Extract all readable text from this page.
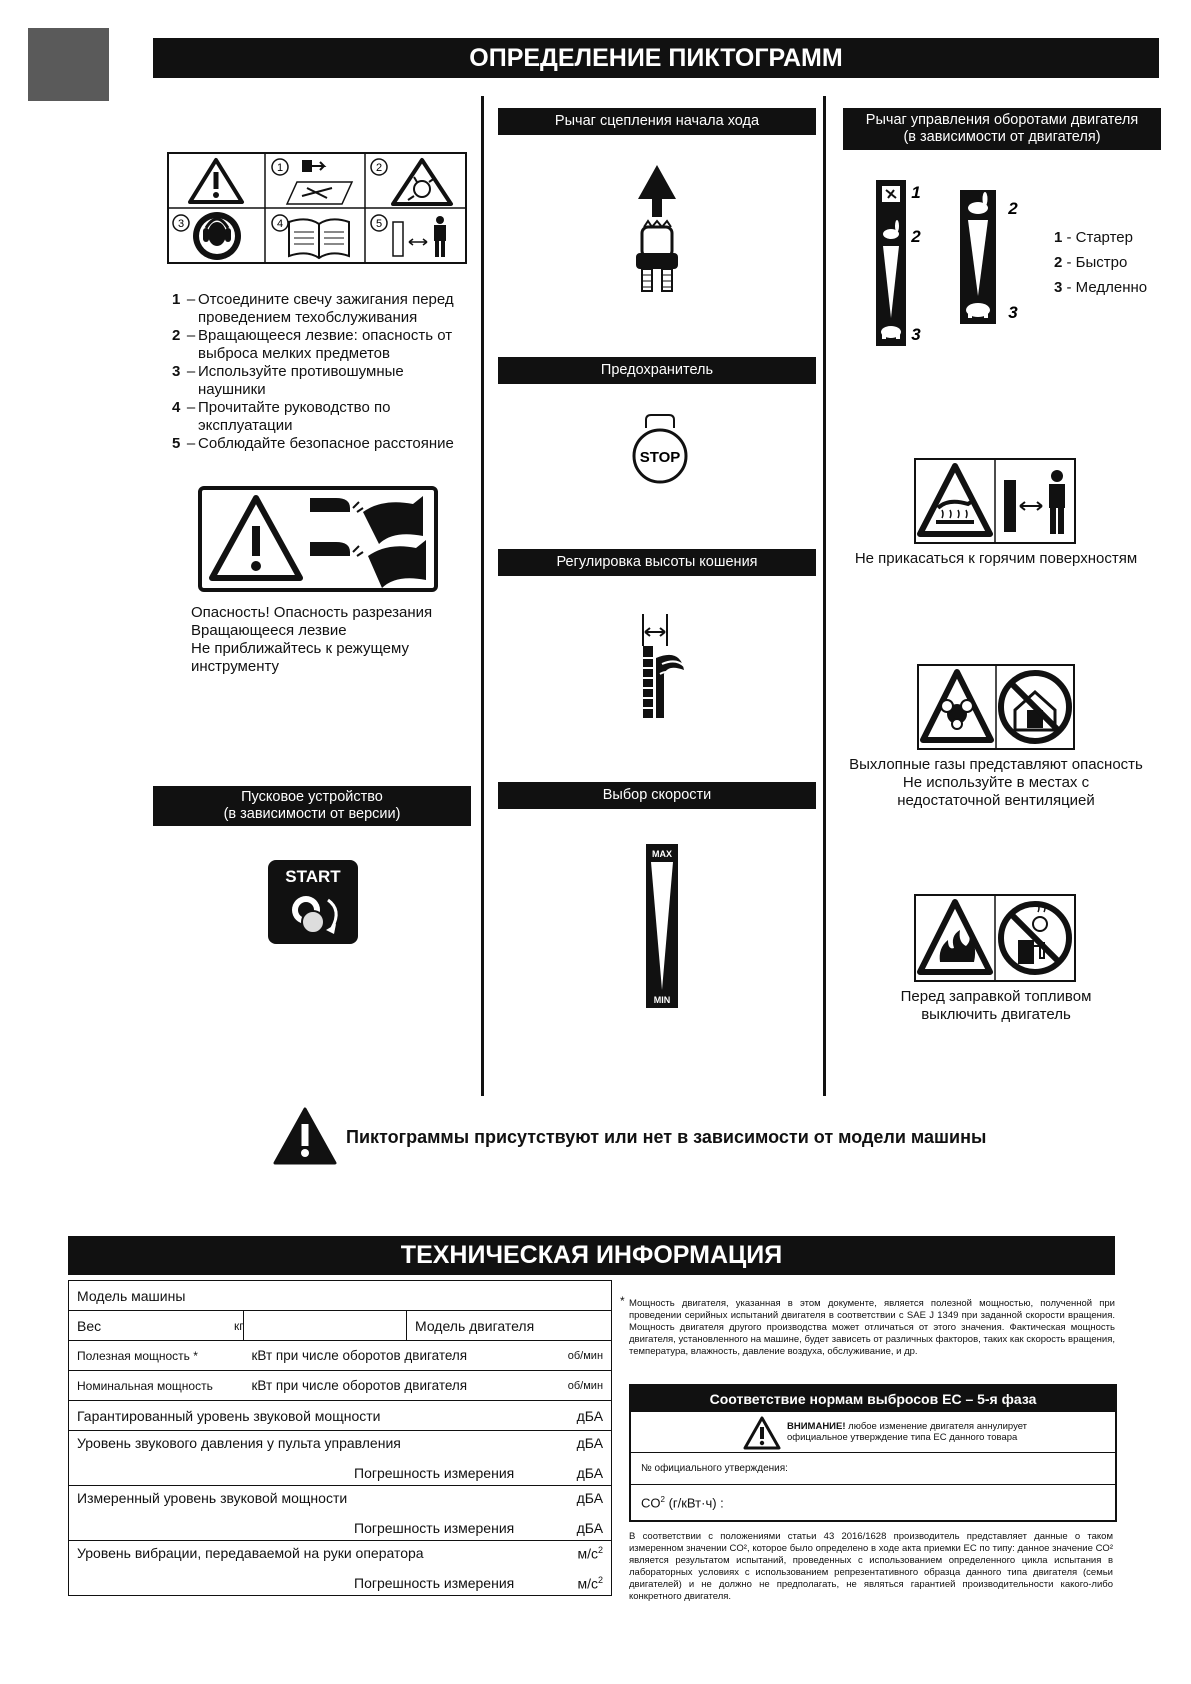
ОПРЕДЕЛЕНИЕ ПИКТОГРАММ
1	2
3	4	5
1 – Отсоедините свечу зажигания перед
проведением техобслуживания
2 – Вращающееся лезвие: опасность от
выброса мелких предметов
3 – Используйте противошумные
наушники
4 – Прочитайте руководство по
эксплуатации
5 – Соблюдайте безопасное расстояние
Опасность! Опасность разрезания
Вращающееся лезвие
Не приближайтесь к режущему
инструменту
Пусковое устройство
(в зависимости от версии)
START
Рычаг сцепления начала хода
Предохранитель
STOP
Регулировка высоты кошения
Выбор скорости
MAX
MIN
Рычаг управления оборотами двигателя
(в зависимости от двигателя)
1
2
3
2
3
1 - Стартер
2 - Быстро
3 - Медленно
Не прикасаться к горячим поверхностям
Выхлопные газы представляют опасность
Не используйте в местах с
недостаточной вентиляцией
Перед заправкой топливом
выключить двигатель
Пиктограммы присутствуют или нет в зависимости от модели машины
ТЕХНИЧЕСКАЯ ИНФОРМАЦИЯ
Модель машины			
Вес кг		Модель двигателя	
Полезная мощность *	кВт при числе оборотов двигателя		об/мин
Номинальная мощность	кВт при числе оборотов двигателя		об/мин
Гарантированный уровень звуковой мощности			дБА

Уровень звукового давления у пульта управления дБА
Погрешность измерения дБА			

Измеренный уровень звуковой мощности дБА
Погрешность измерения дБА			

Уровень вибрации, передаваемой на руки оператора $м/с^2$
Погрешность измерения $м/с^2$
* Мощность двигателя, указанная в этом документе, является полезной мощностью, полученной при проведении серийных испытаний двигателя в соответствии с SAE J 1349 при заданной скорости вращения. Мощность двигателя другого производства может отличаться от этого значения. Фактическая мощность двигателя, установленного на машине, будет зависеть от различных факторов, таких как скорость вращения, температура, влажность, давление воздуха, обслуживание, и др.
Соответствие нормам выбросов ЕС – 5-я фаза
ВНИМАНИЕ! любое изменение двигателя аннулирует
официальное утверждение типа ЕС данного товара
№ официального утверждения:
$CO^2$ (г/кВт·ч) :
В соответствии с положениями статьи 43 2016/1628 производитель представляет данные о таком измеренном значении CO², которое было определено в ходе акта приемки ЕС по типу: данное значение CO² является результатом испытаний, проведенных с использованием определенного цикла испытания в лабораторных условиях с использованием репрезентативного образца данного типа двигателя (семьи двигателей) и не должно не предполагать, не являться гарантией производительности какого-либо конкретного двигателя.
